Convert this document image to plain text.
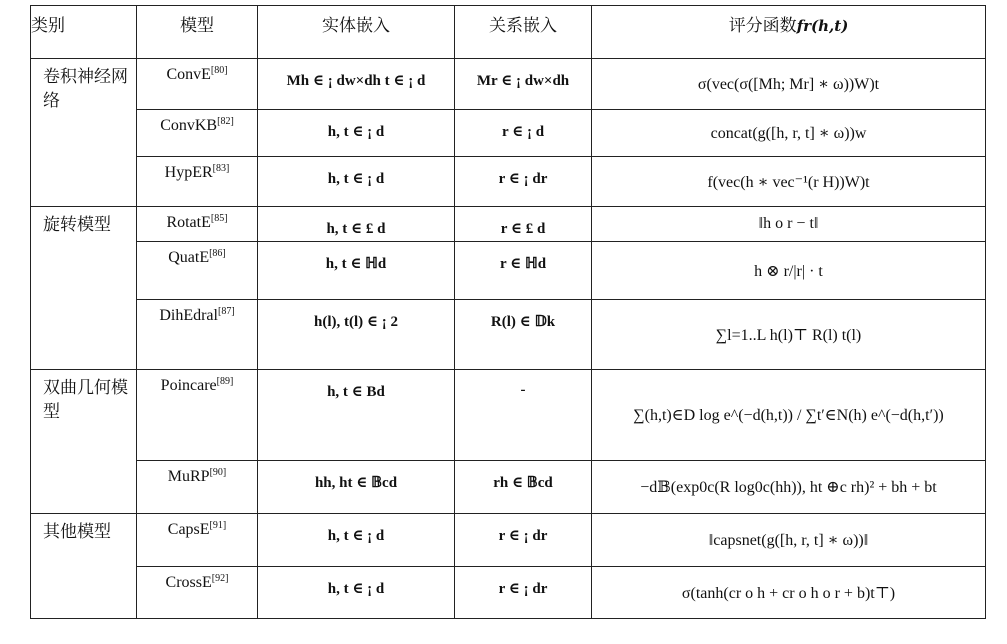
类别	模型	实体嵌入	关系嵌入	评分函数fr(h,t)
卷积神经网络	ConvE[80]	Mh ∈ ¡ dw×dh t ∈ ¡ d	Mr ∈ ¡ dw×dh	σ(vec(σ([Mh; Mr] ∗ ω))W)t
	ConvKB[82]	h, t ∈ ¡ d	r ∈ ¡ d	concat(g([h, r, t] ∗ ω))w
	HypER[83]	h, t ∈ ¡ d	r ∈ ¡ dr	f(vec(h ∗ vec⁻¹(r H))W)t
旋转模型	RotatE[85]	h, t ∈ £ d	r ∈ £ d	‖h o r − t‖
	QuatE[86]	h, t ∈ ℍd	r ∈ ℍd	h ⊗ r/|r| · t
	DihEdral[87]	h(l), t(l) ∈ ¡ 2	R(l) ∈ 𝔻k	∑l=1..L h(l)⊤ R(l) t(l)
双曲几何模型	Poincare[89]	h, t ∈ Bd	-	∑(h,t)∈D log e^(−d(h,t)) / ∑t′∈N(h) e^(−d(h,t′))
	MuRP[90]	hh, ht ∈ 𝔹cd	rh ∈ 𝔹cd	−d𝔹(exp0c(R log0c(hh)), ht ⊕c rh)² + bh + bt
其他模型	CapsE[91]	h, t ∈ ¡ d	r ∈ ¡ dr	‖capsnet(g([h, r, t] ∗ ω))‖
	CrossE[92]	h, t ∈ ¡ d	r ∈ ¡ dr	σ(tanh(cr o h + cr o h o r + b)t⊤)
